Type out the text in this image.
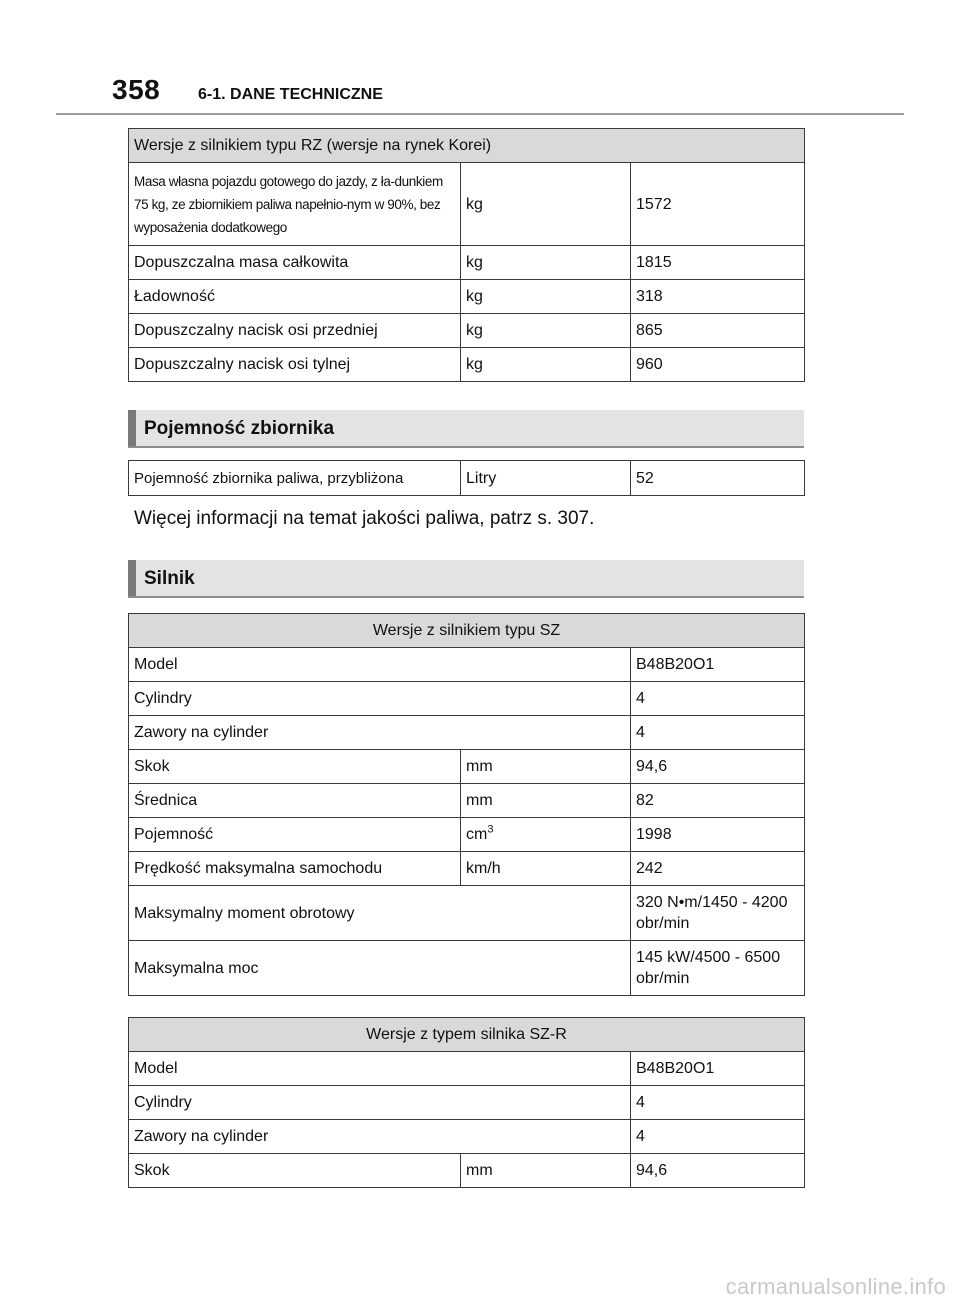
358 6-1. DANE TECHNICZNE
Wersje z silnikiem typu RZ (wersje na rynek Korei)		
Masa własna pojazdu gotowego do jazdy, z ła-dunkiem 75 kg, ze zbiornikiem paliwa napełnio-nym w 90%, bez wyposażenia dodatkowego	kg	1572
Dopuszczalna masa całkowita	kg	1815
Ładowność	kg	318
Dopuszczalny nacisk osi przedniej	kg	865
Dopuszczalny nacisk osi tylnej	kg	960
Pojemność zbiornika
Pojemność zbiornika paliwa, przybliżona	Litry	52
Więcej informacji na temat jakości paliwa, patrz s. 307.
Silnik
Wersje z silnikiem typu SZ		
Model		B48B20O1
Cylindry		4
Zawory na cylinder		4
Skok	mm	94,6
Średnica	mm	82
Pojemność	$cm^3$	1998
Prędkość maksymalna samochodu	km/h	242
Maksymalny moment obrotowy		320 N•m/1450 - 4200 obr/min
Maksymalna moc		145 kW/4500 - 6500 obr/min
Wersje z typem silnika SZ-R		
Model		B48B20O1
Cylindry		4
Zawory na cylinder		4
Skok	mm	94,6
carmanualsonline.info
